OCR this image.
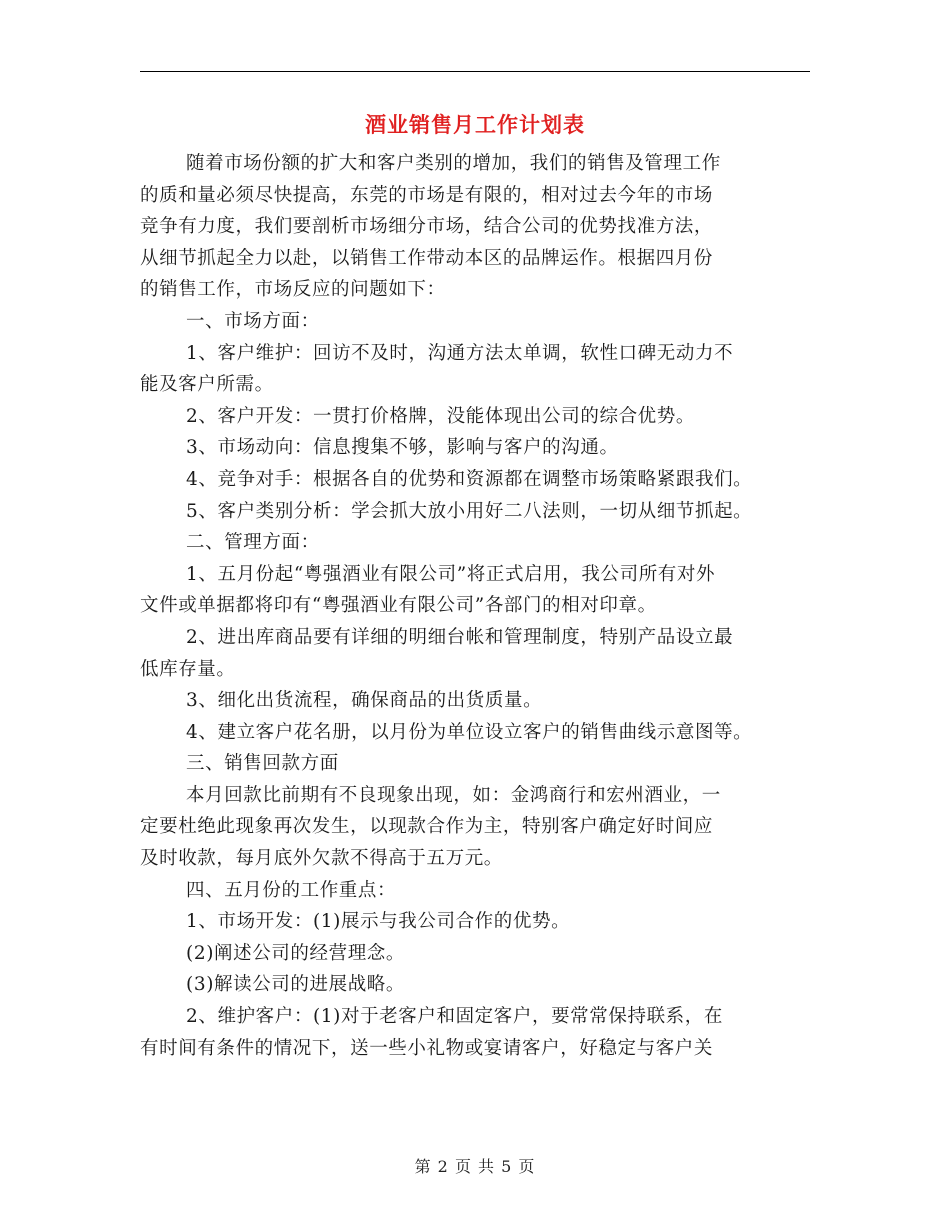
酒业销售月工作计划表
随着市场份额的扩大和客户类别的增加，我们的销售及管理工作
的质和量必须尽快提高，东莞的市场是有限的，相对过去今年的市场
竞争有力度，我们要剖析市场细分市场，结合公司的优势找准方法，
从细节抓起全力以赴，以销售工作带动本区的品牌运作。根据四月份
的销售工作，市场反应的问题如下：
一、市场方面：
1、客户维护：回访不及时，沟通方法太单调，软性口碑无动力不
能及客户所需。
2、客户开发：一贯打价格牌，没能体现出公司的综合优势。
3、市场动向：信息搜集不够，影响与客户的沟通。
4、竞争对手：根据各自的优势和资源都在调整市场策略紧跟我们。
5、客户类别分析：学会抓大放小用好二八法则，一切从细节抓起。
二、管理方面：
1、五月份起“粤强酒业有限公司”将正式启用，我公司所有对外
文件或单据都将印有“粤强酒业有限公司”各部门的相对印章。
2、进出库商品要有详细的明细台帐和管理制度，特别产品设立最
低库存量。
3、细化出货流程，确保商品的出货质量。
4、建立客户花名册，以月份为单位设立客户的销售曲线示意图等。
三、销售回款方面
本月回款比前期有不良现象出现，如：金鸿商行和宏州酒业，一
定要杜绝此现象再次发生，以现款合作为主，特别客户确定好时间应
及时收款，每月底外欠款不得高于五万元。
四、五月份的工作重点：
1、市场开发：(1)展示与我公司合作的优势。
(2)阐述公司的经营理念。
(3)解读公司的进展战略。
2、维护客户：(1)对于老客户和固定客户，要常常保持联系，在
有时间有条件的情况下，送一些小礼物或宴请客户，好稳定与客户关
第 2 页 共 5 页
